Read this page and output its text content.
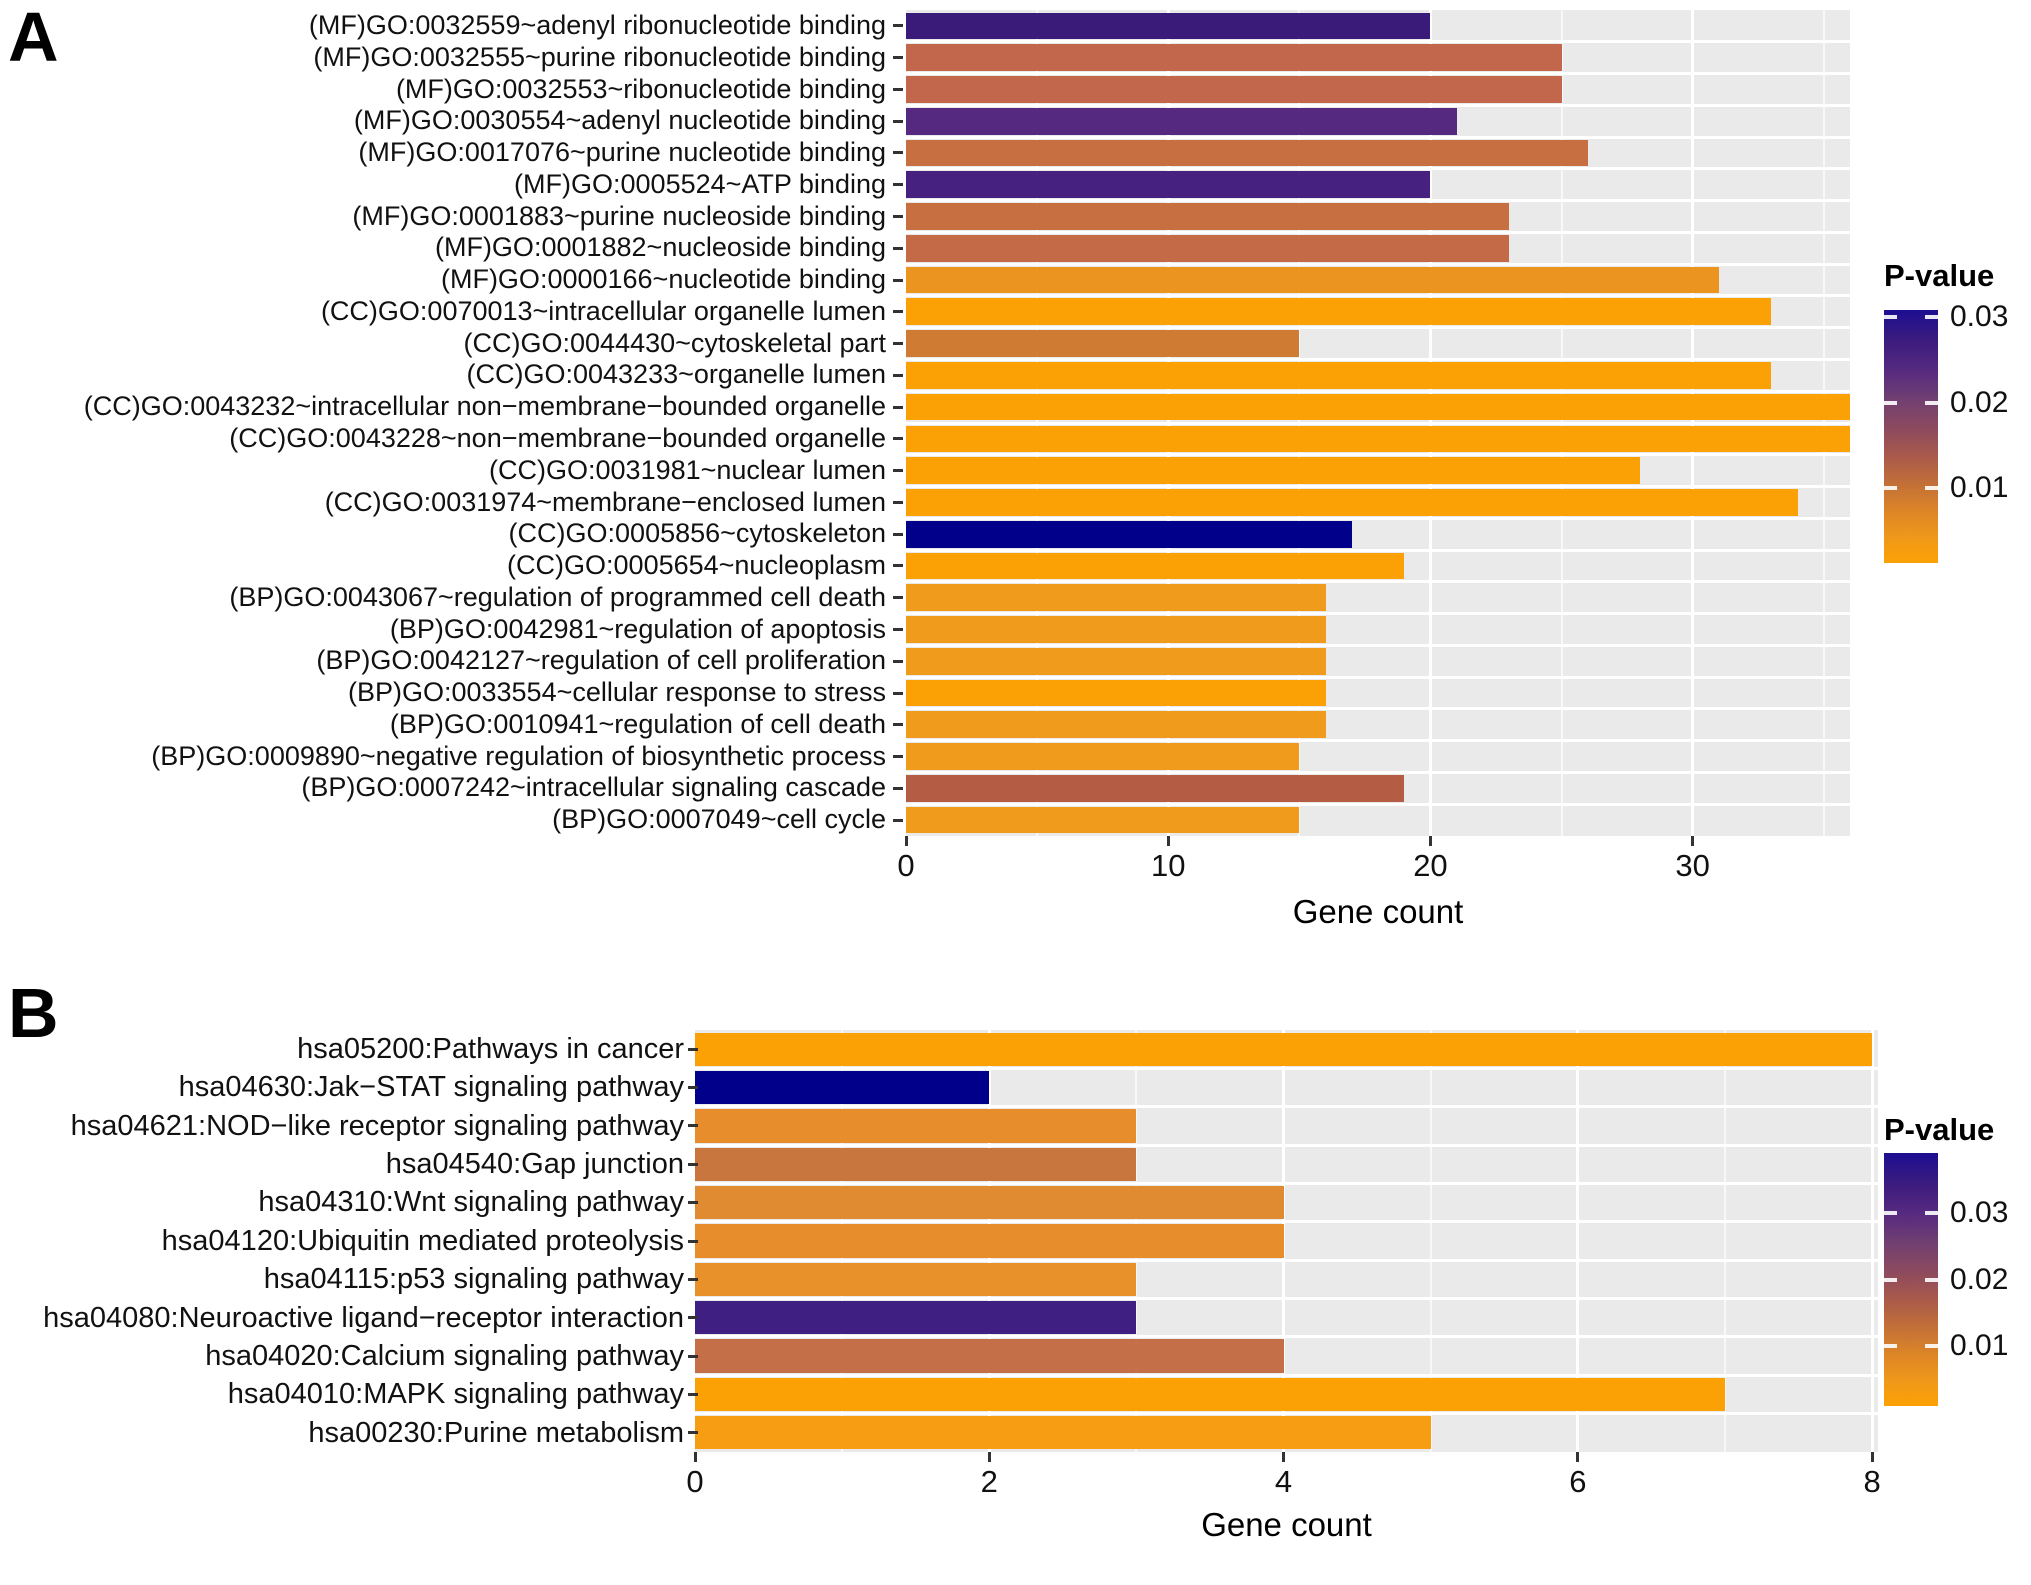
A
Gene count
P-value
(MF)GO:0032559~adenyl ribonucleotide binding
(MF)GO:0032555~purine ribonucleotide binding
(MF)GO:0032553~ribonucleotide binding
(MF)GO:0030554~adenyl nucleotide binding
(MF)GO:0017076~purine nucleotide binding
(MF)GO:0005524~ATP binding
(MF)GO:0001883~purine nucleoside binding
(MF)GO:0001882~nucleoside binding
(MF)GO:0000166~nucleotide binding
(CC)GO:0070013~intracellular organelle lumen
(CC)GO:0044430~cytoskeletal part
(CC)GO:0043233~organelle lumen
(CC)GO:0043232~intracellular non−membrane−bounded organelle
(CC)GO:0043228~non−membrane−bounded organelle
(CC)GO:0031981~nuclear lumen
(CC)GO:0031974~membrane−enclosed lumen
(CC)GO:0005856~cytoskeleton
(CC)GO:0005654~nucleoplasm
(BP)GO:0043067~regulation of programmed cell death
(BP)GO:0042981~regulation of apoptosis
(BP)GO:0042127~regulation of cell proliferation
(BP)GO:0033554~cellular response to stress
(BP)GO:0010941~regulation of cell death
(BP)GO:0009890~negative regulation of biosynthetic process
(BP)GO:0007242~intracellular signaling cascade
(BP)GO:0007049~cell cycle
0	10	20	30
0.03
0.02
0.01
B
Gene count
P-value
hsa05200:Pathways in cancer
hsa04630:Jak−STAT signaling pathway
hsa04621:NOD−like receptor signaling pathway
hsa04540:Gap junction
hsa04310:Wnt signaling pathway
hsa04120:Ubiquitin mediated proteolysis
hsa04115:p53 signaling pathway
hsa04080:Neuroactive ligand−receptor interaction
hsa04020:Calcium signaling pathway
hsa04010:MAPK signaling pathway
hsa00230:Purine metabolism
0	2	4	6	8
0.03
0.02
0.01
